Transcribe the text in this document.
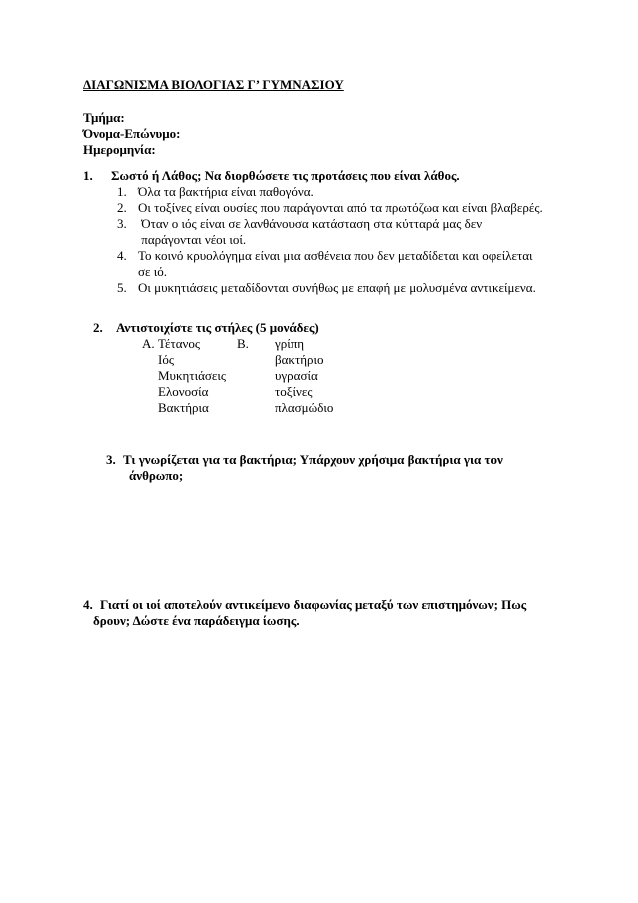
ΔΙΑΓΩΝΙΣΜΑ ΒΙΟΛΟΓΙΑΣ Γ’ ΓΥΜΝΑΣΙΟΥ
Τμήμα:
Όνομα-Επώνυμο:
Ημερομηνία:
1. Σωστό ή Λάθος; Να διορθώσετε τις προτάσεις που είναι λάθος.
1. Όλα τα βακτήρια είναι παθογόνα.
2. Οι τοξίνες είναι ουσίες που παράγονται από τα πρωτόζωα και είναι βλαβερές.
3. Όταν ο ιός είναι σε λανθάνουσα κατάσταση στα κύτταρά μας δεν
παράγονται νέοι ιοί.
4. Το κοινό κρυολόγημα είναι μια ασθένεια που δεν μεταδίδεται και οφείλεται
σε ιό.
5. Οι μυκητιάσεις μεταδίδονται συνήθως με επαφή με μολυσμένα αντικείμενα.
2. Αντιστοιχίστε τις στήλες (5 μονάδες)
Α.	Β.
Τέτανος
Ιός
Μυκητιάσεις
Ελονοσία
Βακτήρια
γρίπη
βακτήριο
υγρασία
τοξίνες
πλασμώδιο
3. Τι γνωρίζεται για τα βακτήρια; Υπάρχουν χρήσιμα βακτήρια για τον
άνθρωπο;
4. Γιατί οι ιοί αποτελούν αντικείμενο διαφωνίας μεταξύ των επιστημόνων; Πως
δρουν; Δώστε ένα παράδειγμα ίωσης.
